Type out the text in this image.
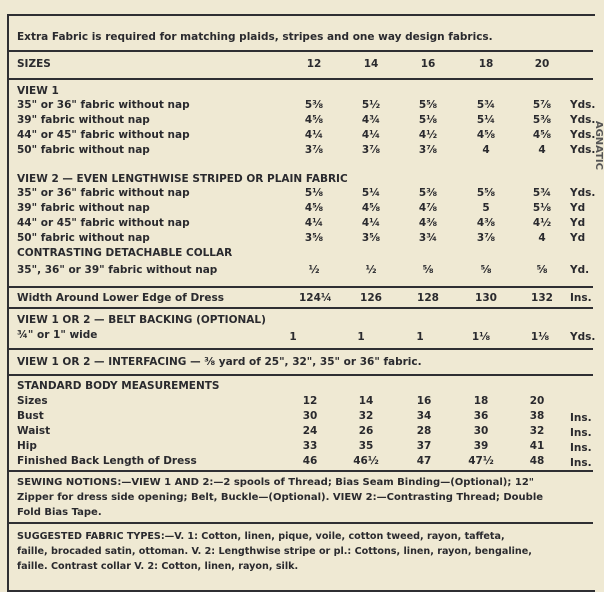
Extra Fabric is required for matching plaids, stripes and one way design fabrics.
SIZES	12	14	16	18	20
VIEW 1
35" or 36" fabric without nap	5⅜	5½	5⅝	5¾	5⅞	Yds.
39" fabric without nap	4⅝	4¾	5⅛	5¼	5⅜	Yds.
44" or 45" fabric without nap	4¼	4¼	4½	4⅝	4⅝	Yds.
50" fabric without nap	3⅞	3⅞	3⅞	4	4	Yds.
VIEW 2 — EVEN LENGTHWISE STRIPED OR PLAIN FABRIC
35" or 36" fabric without nap	5⅛	5¼	5⅜	5⅝	5¾	Yds.
39" fabric without nap	4⅝	4⅝	4⅞	5	5⅛	Yd
44" or 45" fabric without nap	4¼	4¼	4⅜	4⅜	4½	Yd
50" fabric without nap	3⅝	3⅝	3¾	3⅞	4	Yd
CONTRASTING DETACHABLE COLLAR
35", 36" or 39" fabric without nap	½	½	⅝	⅝	⅝	Yd.
Width Around Lower Edge of Dress	124¼	126	128	130	132	Ins.
VIEW 1 OR 2 — BELT BACKING (OPTIONAL)
¾" or 1" wide	1	1	1	1⅛	1⅛	Yds.
VIEW 1 OR 2 — INTERFACING — ⅜ yard of 25", 32", 35" or 36" fabric.
STANDARD BODY MEASUREMENTS
Sizes	12	14	16	18	20
Bust	30	32	34	36	38	Ins.
Waist	24	26	28	30	32	Ins.
Hip	33	35	37	39	41	Ins.
Finished Back Length of Dress	46	46½	47	47½	48	Ins.
SEWING NOTIONS:—VIEW 1 AND 2:—2 spools of Thread; Bias Seam Binding—(Optional); 12"
Zipper for dress side opening; Belt, Buckle—(Optional). VIEW 2:—Contrasting Thread; Double
Fold Bias Tape.
SUGGESTED FABRIC TYPES:—V. 1: Cotton, linen, pique, voile, cotton tweed, rayon, taffeta,
faille, brocaded satin, ottoman. V. 2: Lengthwise stripe or pl.: Cottons, linen, rayon, bengaline,
faille. Contrast collar V. 2: Cotton, linen, rayon, silk.
AGNATIC
